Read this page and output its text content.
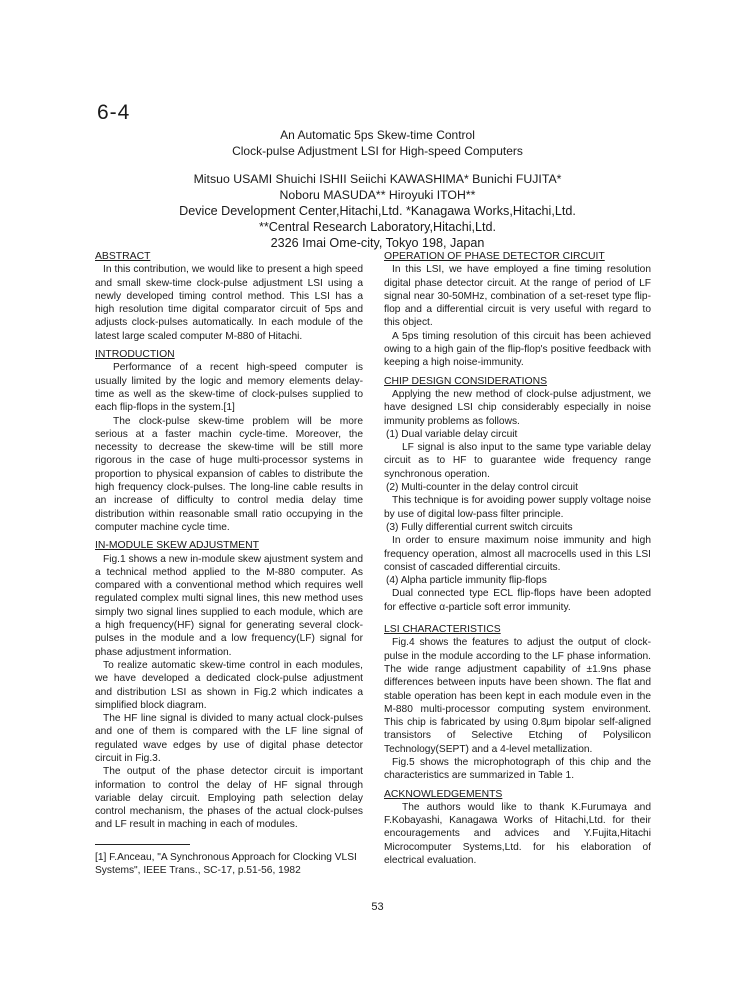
6-4
An Automatic 5ps Skew-time Control
Clock-pulse Adjustment LSI for High-speed Computers
Mitsuo USAMI Shuichi ISHII Seiichi KAWASHIMA* Bunichi FUJITA*
Noboru MASUDA** Hiroyuki ITOH**
Device Development Center,Hitachi,Ltd. *Kanagawa Works,Hitachi,Ltd.
**Central Research Laboratory,Hitachi,Ltd.
2326 Imai Ome-city, Tokyo 198, Japan

ABSTRACT

In this contribution, we would like to present a high speed and small skew-time clock-pulse adjustment LSI using a newly developed timing control method. This LSI has a high resolution time digital comparator circuit of 5ps and adjusts clock-pulses automatically. In each module of the latest large scaled computer M-880 of Hitachi.

INTRODUCTION

Performance of a recent high-speed computer is usually limited by the logic and memory elements delay-time as well as the skew-time of clock-pulses supplied to each flip-flops in the system.[1]

The clock-pulse skew-time problem will be more serious at a faster machin cycle-time. Moreover, the necessity to decrease the skew-time will be still more rigorous in the case of huge multi-processor systems in proportion to physical expansion of cables to distribute the high frequency clock-pulses. The long-line cable results in an increase of difficulty to control media delay time distribution within reasonable small ratio occupying in the computer machine cycle time.

IN-MODULE SKEW ADJUSTMENT

Fig.1 shows a new in-module skew ajustment system and a technical method applied to the M-880 computer. As compared with a conventional method which requires well regulated complex multi signal lines, this new method uses simply two signal lines supplied to each module, which are a high frequency(HF) signal for generating several clock-pulses in the module and a low frequency(LF) signal for phase adjustment information.

To realize automatic skew-time control in each modules, we have developed a dedicated clock-pulse adjustment and distribution LSI as shown in Fig.2 which indicates a simplified block diagram.

The HF line signal is divided to many actual clock-pulses and one of them is compared with the LF line signal of regulated wave edges by use of digital phase detector circuit in Fig.3.

The output of the phase detector circuit is important information to control the delay of HF signal through variable delay circuit. Employing path selection delay control mechanism, the phases of the actual clock-pulses and LF result in maching in each of modules.

[1] F.Anceau, "A Synchronous Approach for Clocking VLSI Systems", IEEE Trans., SC-17, p.51-56, 1982

OPERATION OF PHASE DETECTOR CIRCUIT

In this LSI, we have employed a fine timing resolution digital phase detector circuit. At the range of period of LF signal near 30-50MHz, combination of a set-reset type flip-flop and a differential circuit is very useful with regard to this object.

A 5ps timing resolution of this circuit has been achieved owing to a high gain of the flip-flop's positive feedback with keeping a high noise-immunity.

CHIP DESIGN CONSIDERATIONS

Applying the new method of clock-pulse adjustment, we have designed LSI chip considerably especially in noise immunity problems as follows.

(1) Dual variable delay circuit

LF signal is also input to the same type variable delay circuit as to HF to guarantee wide frequency range synchronous operation.

(2) Multi-counter in the delay control circuit

This technique is for avoiding power supply voltage noise by use of digital low-pass filter principle.

(3) Fully differential current switch circuits

In order to ensure maximum noise immunity and high frequency operation, almost all macrocells used in this LSI consist of cascaded differential circuits.

(4) Alpha particle immunity flip-flops

Dual connected type ECL flip-flops have been adopted for effective α-particle soft error immunity.

LSI CHARACTERISTICS

Fig.4 shows the features to adjust the output of clock-pulse in the module according to the LF phase information. The wide range adjustment capability of ±1.9ns phase differences between inputs have been shown. The flat and stable operation has been kept in each module even in the M-880 multi-processor computing system environment. This chip is fabricated by using 0.8μm bipolar self-aligned transistors of Selective Etching of Polysilicon Technology(SEPT) and a 4-level metallization.

Fig.5 shows the microphotograph of this chip and the characteristics are summarized in Table 1.

ACKNOWLEDGEMENTS

The authors would like to thank K.Furumaya and F.Kobayashi, Kanagawa Works of Hitachi,Ltd. for their encouragements and advices and Y.Fujita,Hitachi Microcomputer Systems,Ltd. for his elaboration of electrical evaluation.

53
